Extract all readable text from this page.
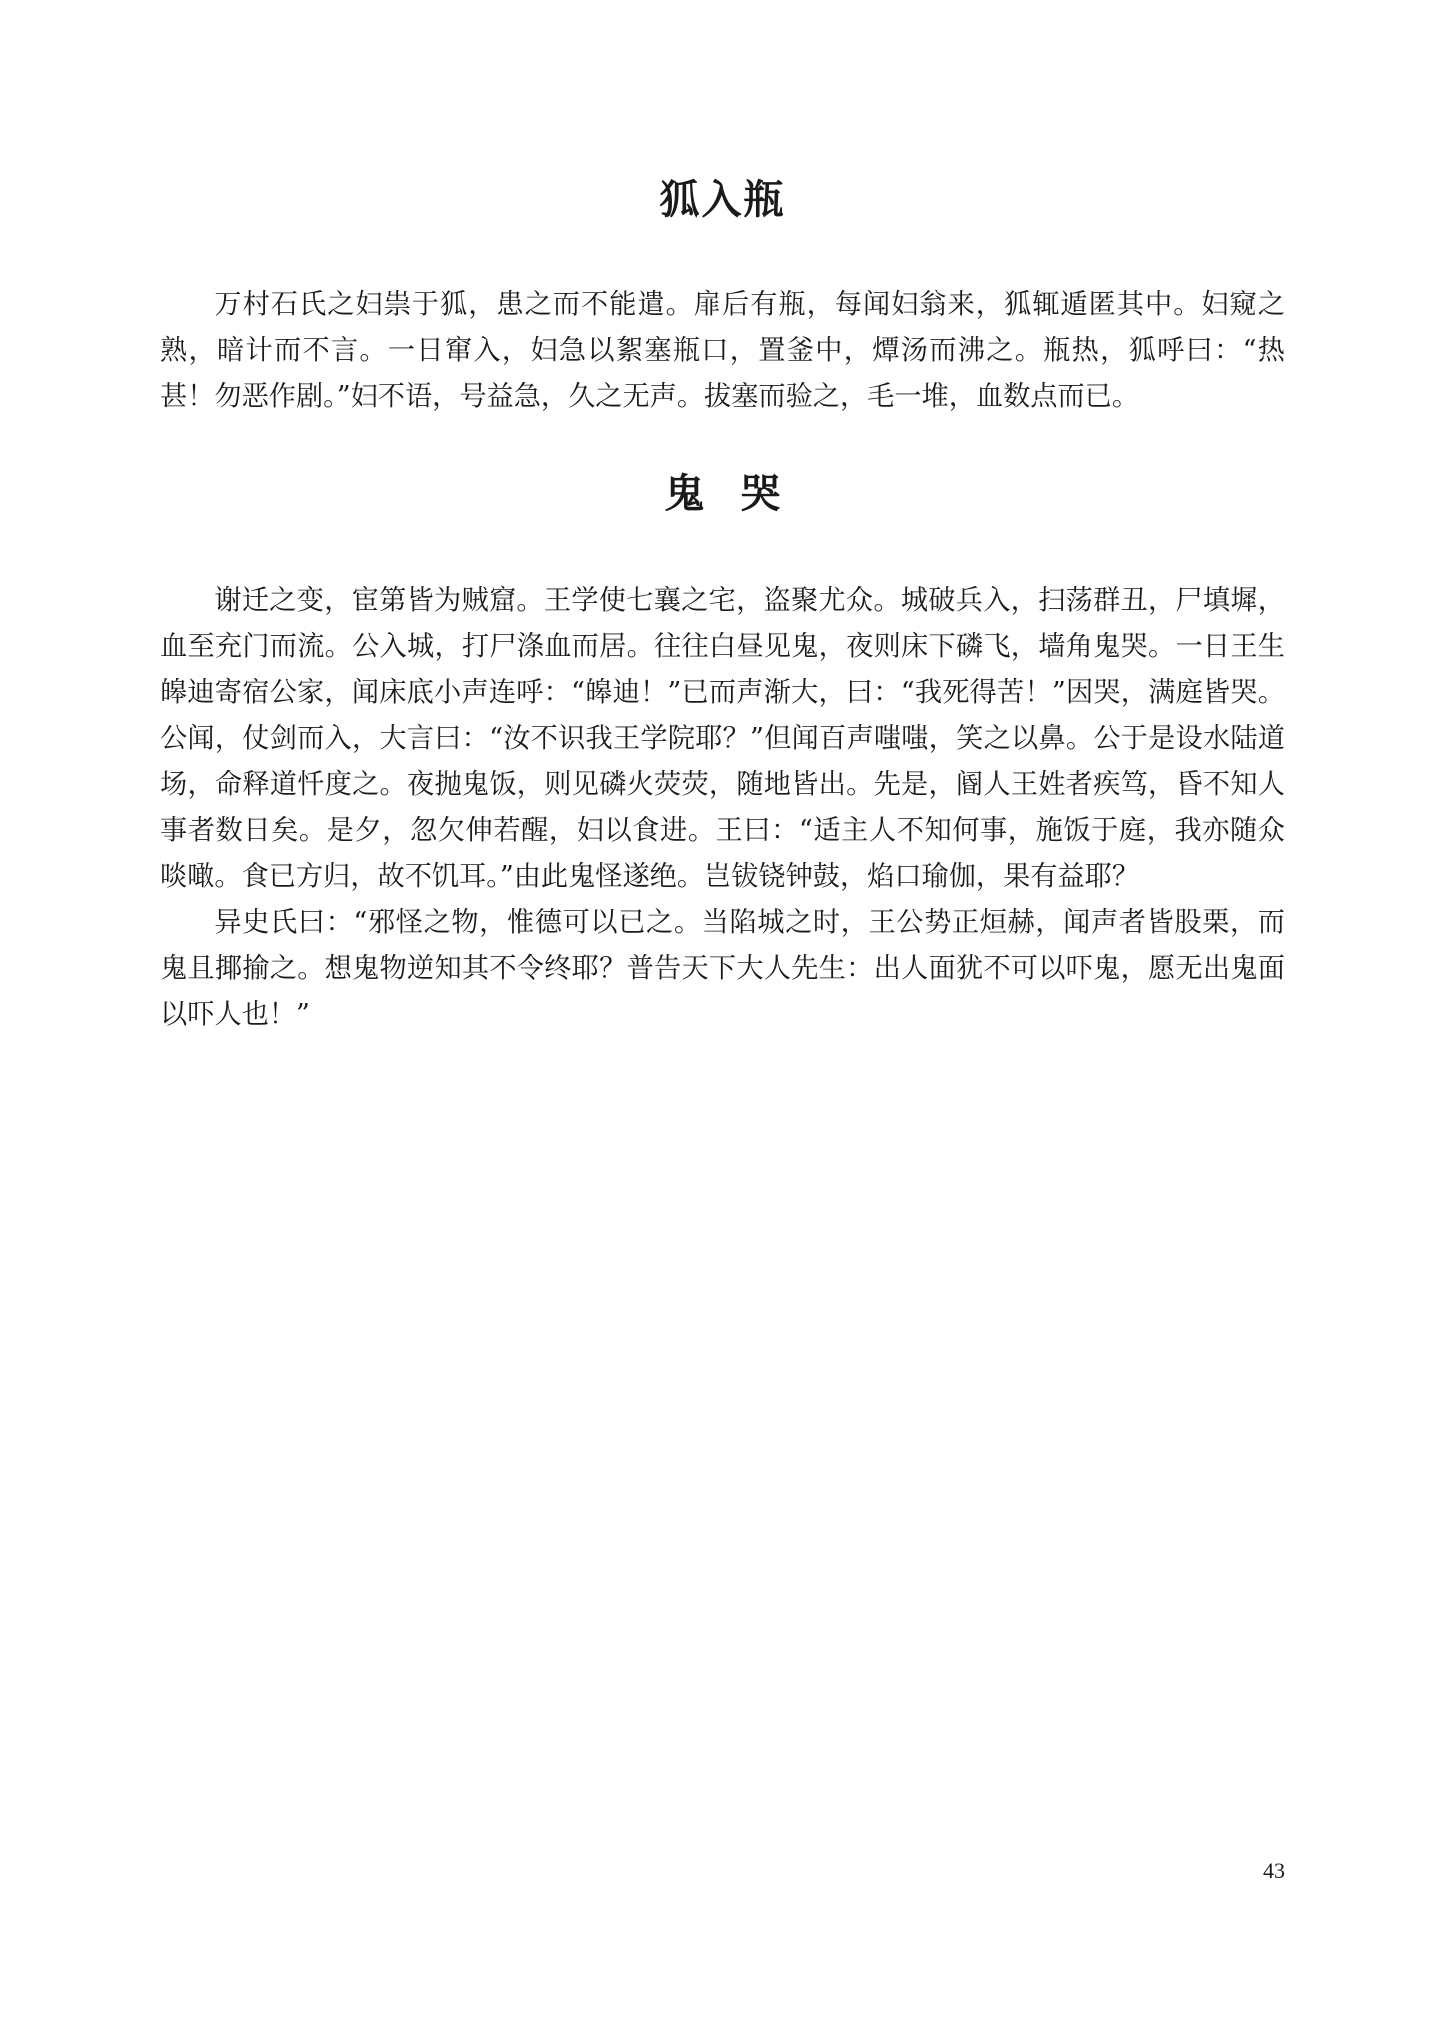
狐入瓶

万村石氏之妇祟于狐，患之而不能遣。扉后有瓶，每闻妇翁来，狐辄遁匿其中。妇窥之熟，暗计而不言。一日窜入，妇急以絮塞瓶口，置釜中，燂汤而沸之。瓶热，狐呼曰：“热甚！勿恶作剧。”妇不语，号益急，久之无声。拔塞而验之，毛一堆，血数点而已。

鬼哭

谢迁之变，宦第皆为贼窟。王学使七襄之宅，盗聚尤众。城破兵入，扫荡群丑，尸填墀，血至充门而流。公入城，打尸涤血而居。往往白昼见鬼，夜则床下磷飞，墙角鬼哭。一日王生皞迪寄宿公家，闻床底小声连呼：“皞迪！”已而声渐大，曰：“我死得苦！”因哭，满庭皆哭。公闻，仗剑而入，大言曰：“汝不识我王学院耶？”但闻百声嗤嗤，笑之以鼻。公于是设水陆道场，命释道忏度之。夜抛鬼饭，则见磷火荧荧，随地皆出。先是，阍人王姓者疾笃，昏不知人事者数日矣。是夕，忽欠伸若醒，妇以食进。王曰：“适主人不知何事，施饭于庭，我亦随众啖噉。食已方归，故不饥耳。”由此鬼怪遂绝。岂钹铙钟鼓，焰口瑜伽，果有益耶？

异史氏曰：“邪怪之物，惟德可以已之。当陷城之时，王公势正烜赫，闻声者皆股栗，而鬼且揶揄之。想鬼物逆知其不令终耶？普告天下大人先生：出人面犹不可以吓鬼，愿无出鬼面以吓人也！”

43
